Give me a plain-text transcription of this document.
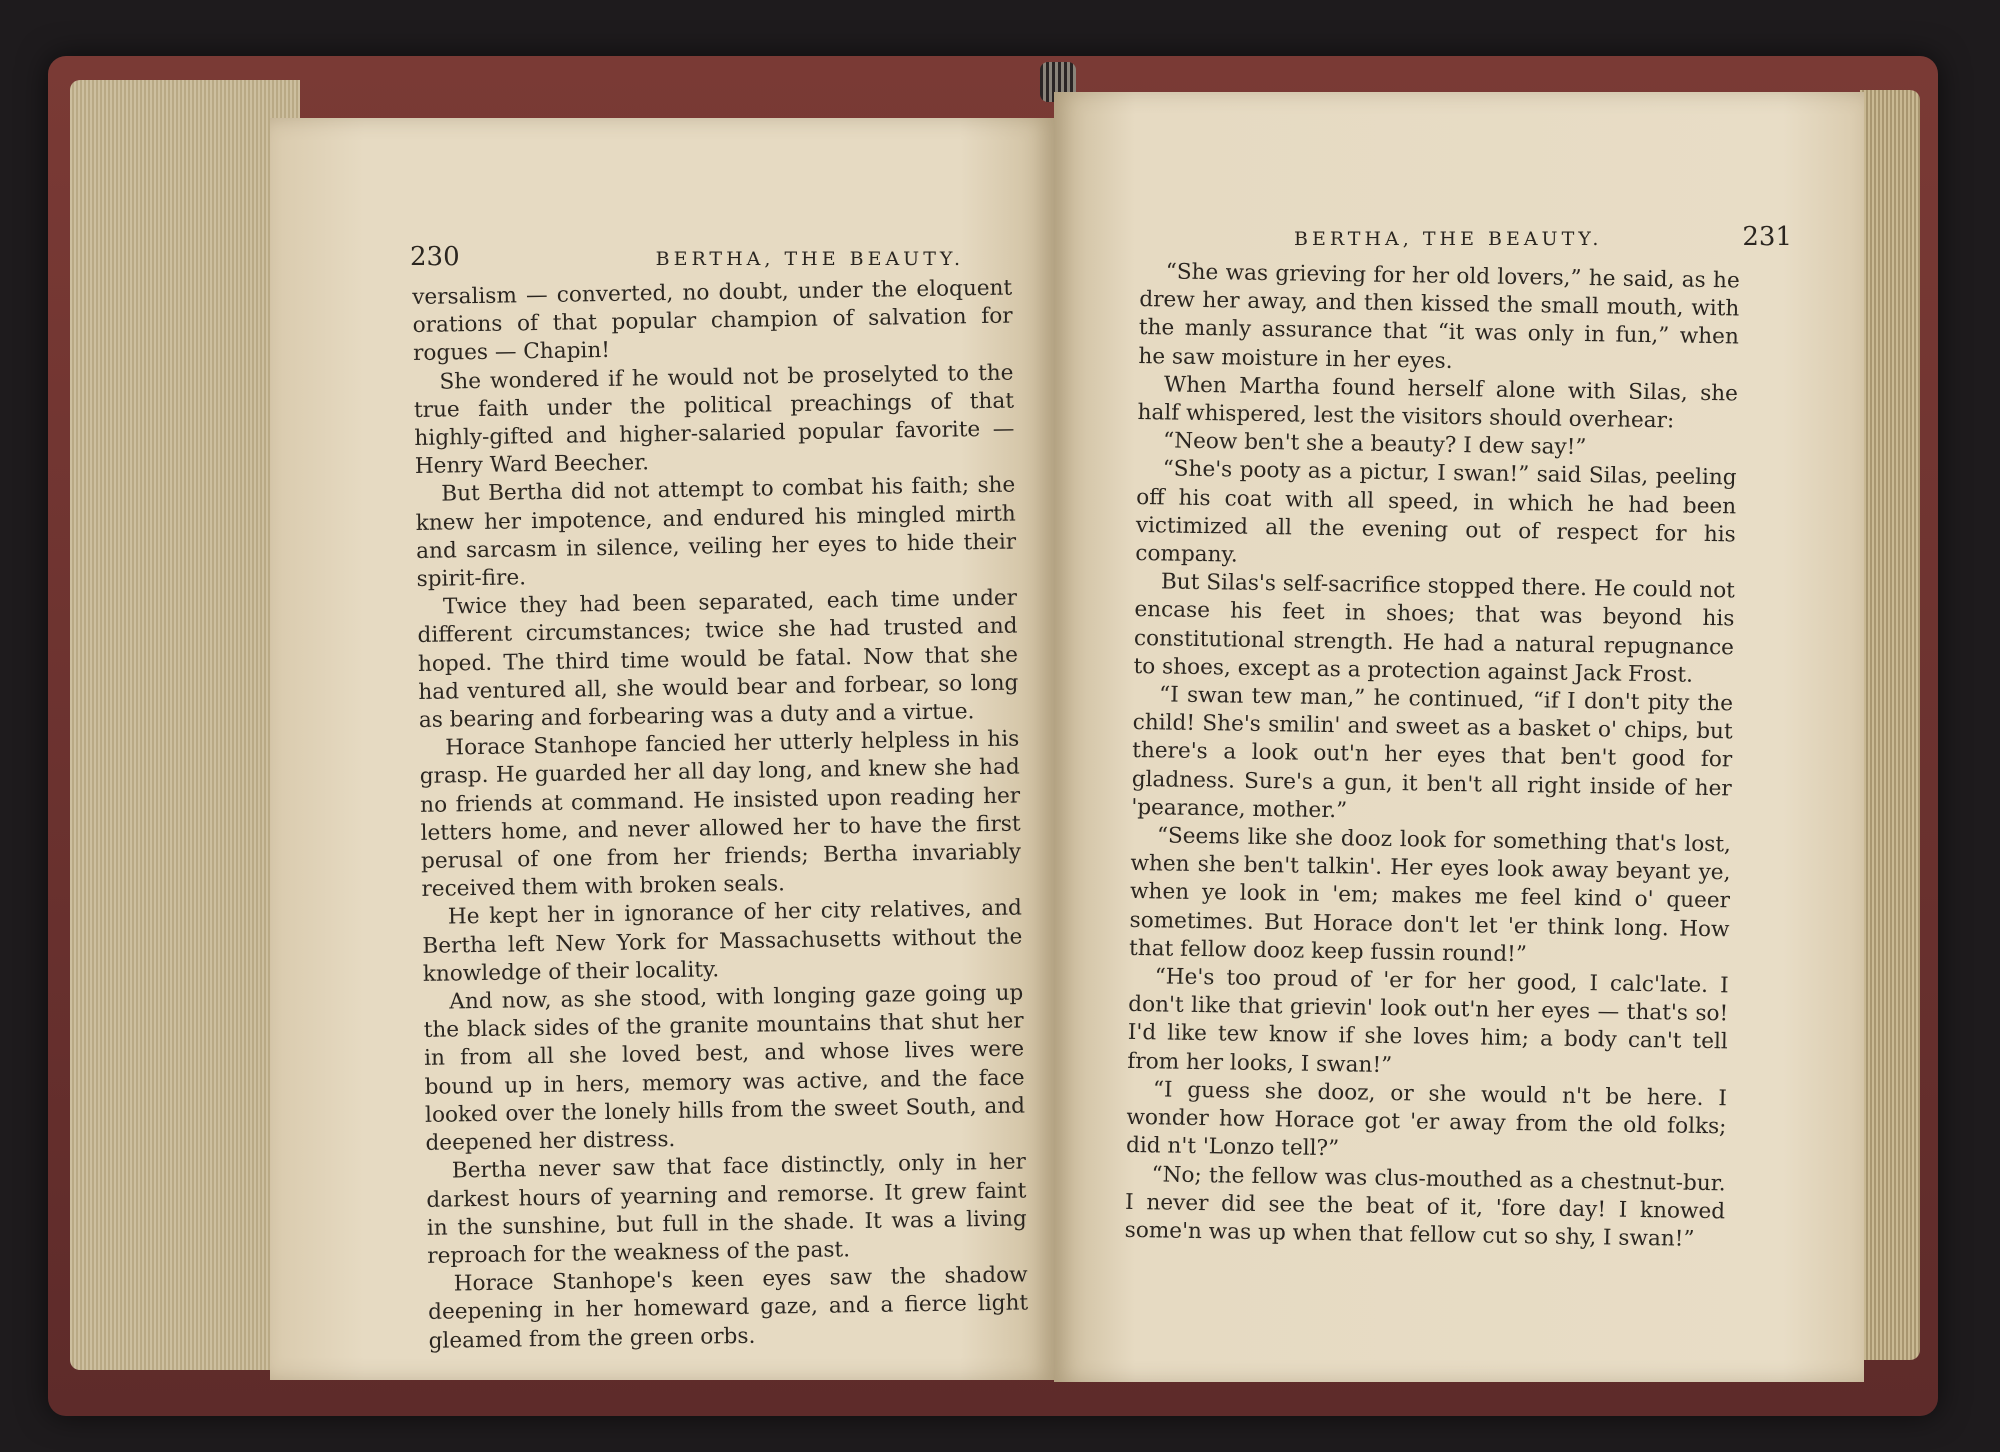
230	BERTHA, THE BEAUTY.

versalism — converted, no doubt, under the eloquent orations of that popular champion of salvation for rogues — Chapin!

She wondered if he would not be proselyted to the true faith under the political preachings of that highly-gifted and higher-salaried popular favorite — Henry Ward Beecher.

But Bertha did not attempt to combat his faith; she knew her impotence, and endured his mingled mirth and sarcasm in silence, veiling her eyes to hide their spirit-fire.

Twice they had been separated, each time under different circumstances; twice she had trusted and hoped. The third time would be fatal. Now that she had ventured all, she would bear and forbear, so long as bearing and forbearing was a duty and a virtue.

Horace Stanhope fancied her utterly helpless in his grasp. He guarded her all day long, and knew she had no friends at command. He insisted upon reading her letters home, and never allowed her to have the first perusal of one from her friends; Bertha invariably received them with broken seals.

He kept her in ignorance of her city relatives, and Bertha left New York for Massachusetts without the knowledge of their locality.

And now, as she stood, with longing gaze going up the black sides of the granite mountains that shut her in from all she loved best, and whose lives were bound up in hers, memory was active, and the face looked over the lonely hills from the sweet South, and deepened her distress.

Bertha never saw that face distinctly, only in her darkest hours of yearning and remorse. It grew faint in the sunshine, but full in the shade. It was a living reproach for the weakness of the past.

Horace Stanhope's keen eyes saw the shadow deepening in her homeward gaze, and a fierce light gleamed from the green orbs.

BERTHA, THE BEAUTY.	231

“She was grieving for her old lovers,” he said, as he drew her away, and then kissed the small mouth, with the manly assurance that “it was only in fun,” when he saw moisture in her eyes.

When Martha found herself alone with Silas, she half whispered, lest the visitors should overhear:

“Neow ben't she a beauty? I dew say!”

“She's pooty as a pictur, I swan!” said Silas, peeling off his coat with all speed, in which he had been victimized all the evening out of respect for his company.

But Silas's self-sacrifice stopped there. He could not encase his feet in shoes; that was beyond his constitutional strength. He had a natural repugnance to shoes, except as a protection against Jack Frost.

“I swan tew man,” he continued, “if I don't pity the child! She's smilin' and sweet as a basket o' chips, but there's a look out'n her eyes that ben't good for gladness. Sure's a gun, it ben't all right inside of her 'pearance, mother.”

“Seems like she dooz look for something that's lost, when she ben't talkin'. Her eyes look away beyant ye, when ye look in 'em; makes me feel kind o' queer sometimes. But Horace don't let 'er think long. How that fellow dooz keep fussin round!”

“He's too proud of 'er for her good, I calc'late. I don't like that grievin' look out'n her eyes — that's so! I'd like tew know if she loves him; a body can't tell from her looks, I swan!”

“I guess she dooz, or she would n't be here. I wonder how Horace got 'er away from the old folks; did n't 'Lonzo tell?”

“No; the fellow was clus-mouthed as a chestnut-bur. I never did see the beat of it, 'fore day! I knowed some'n was up when that fellow cut so shy, I swan!”
